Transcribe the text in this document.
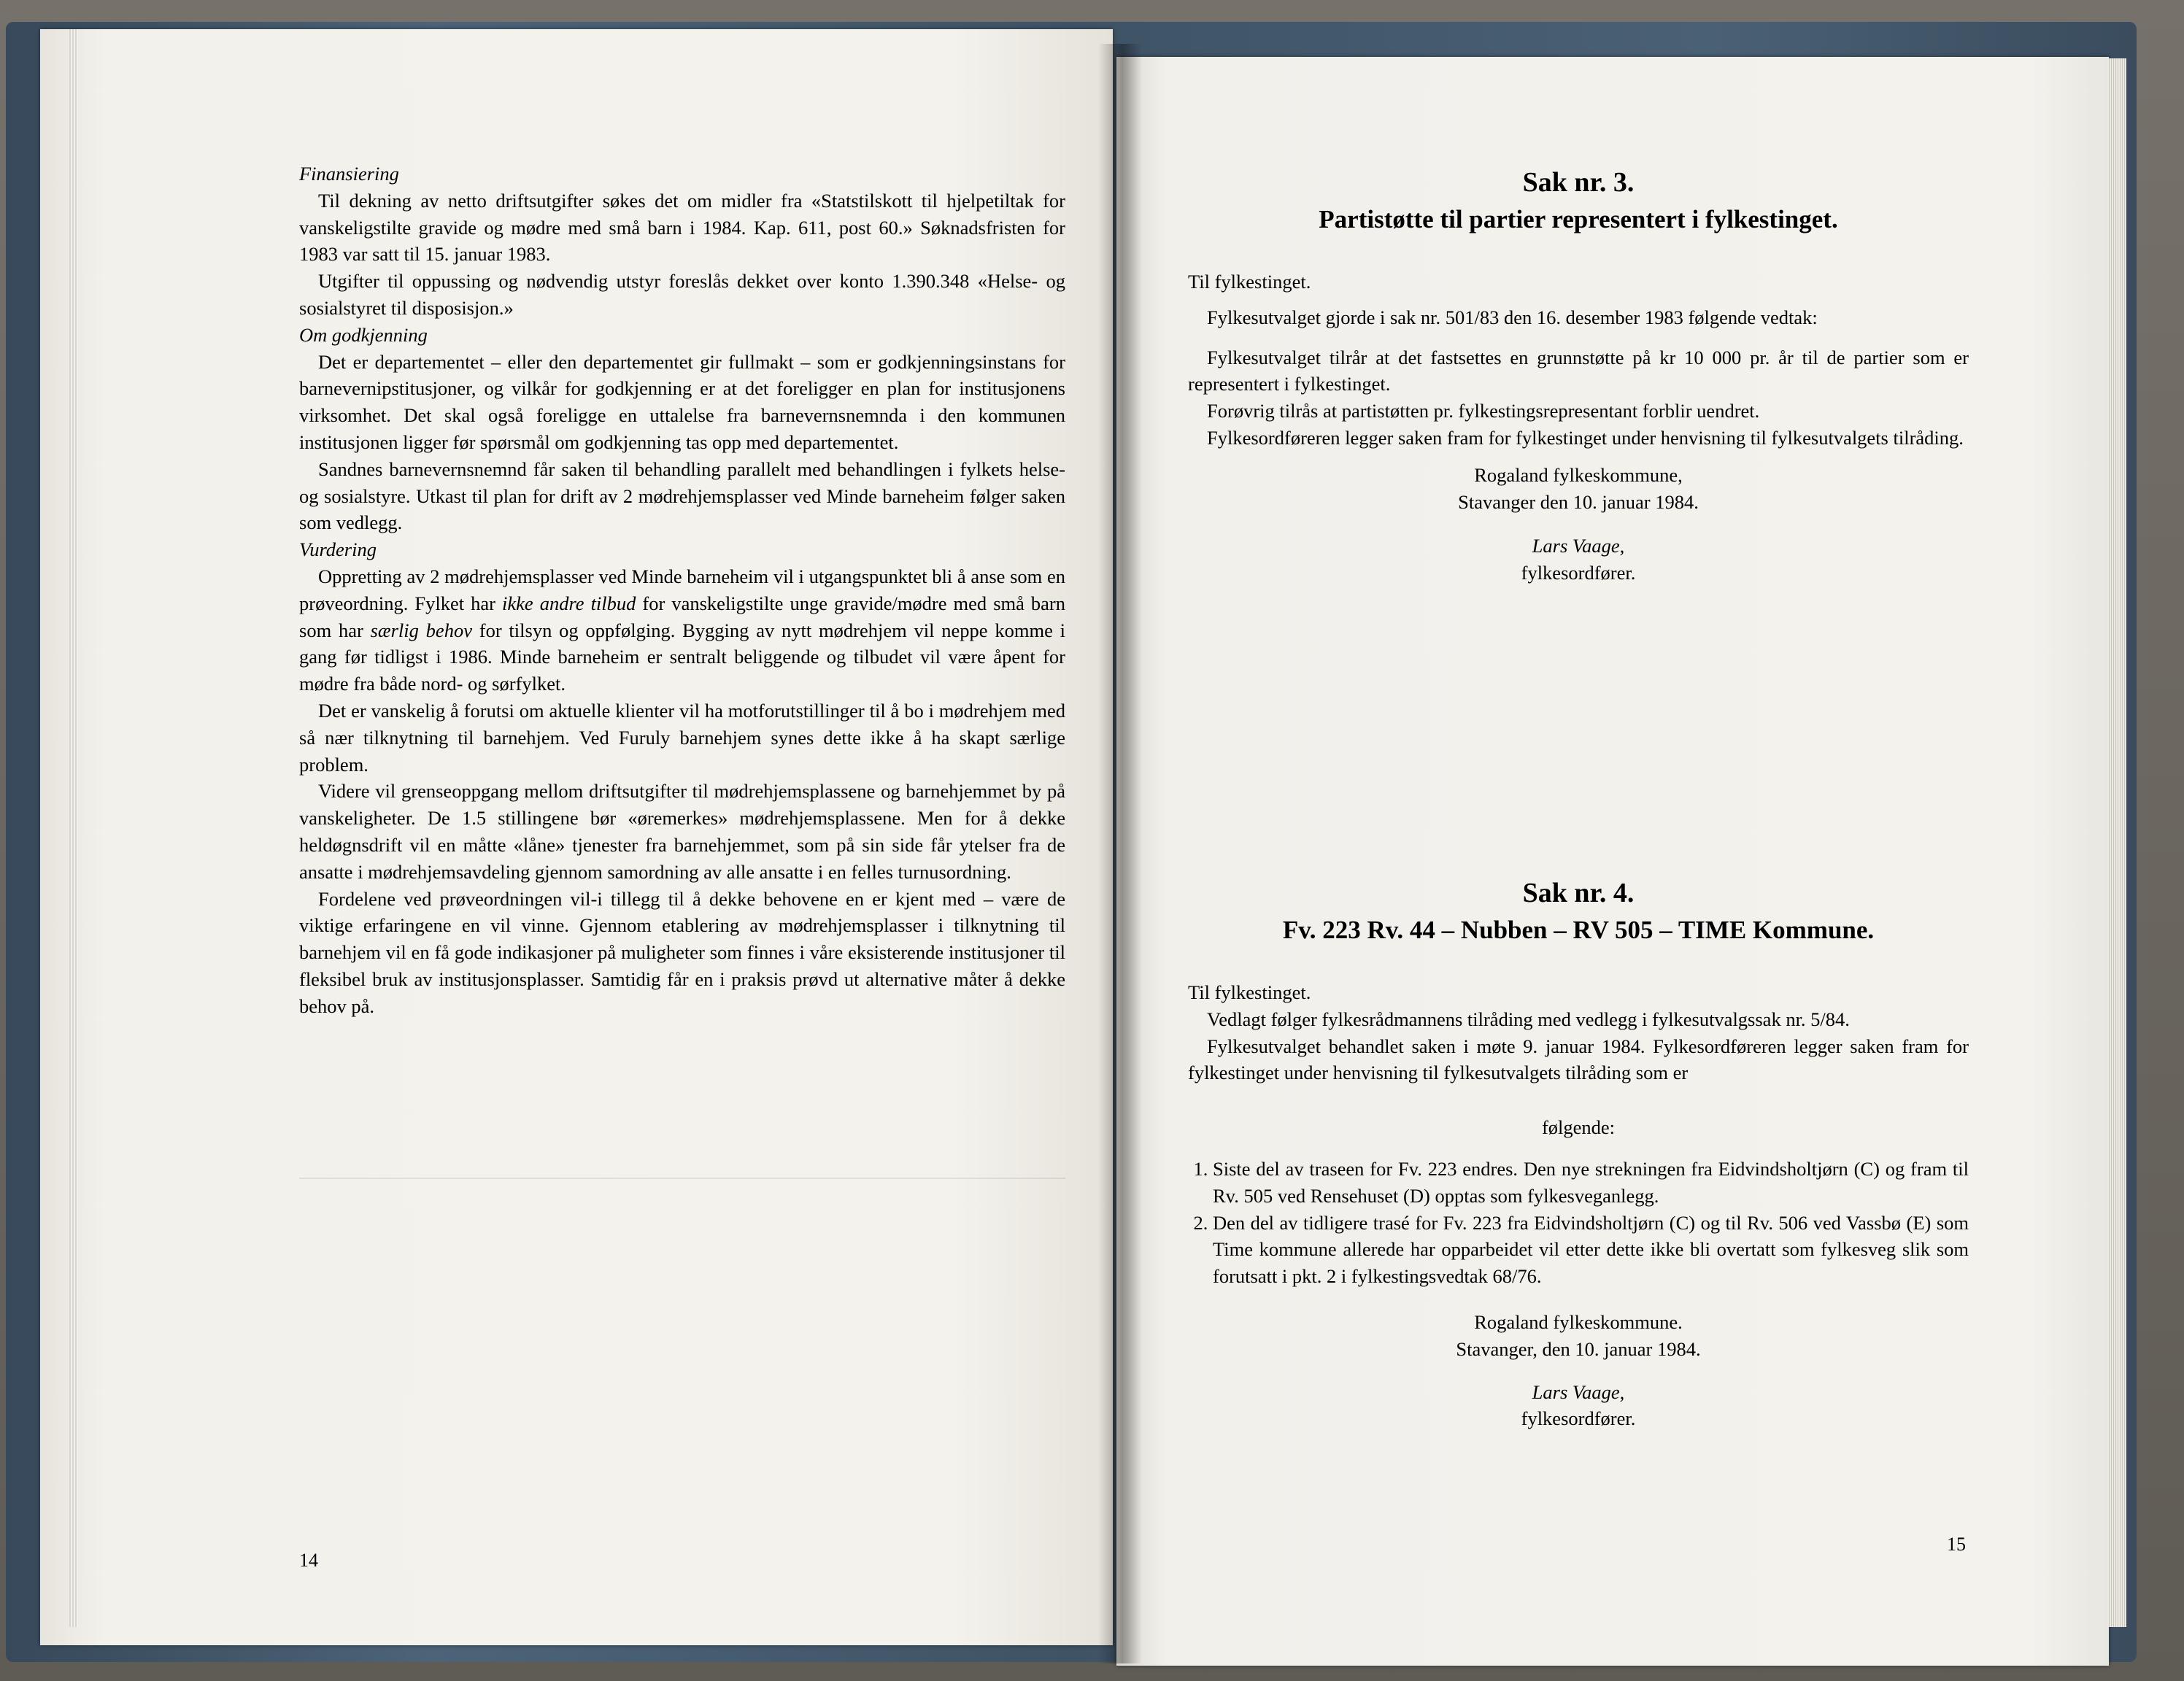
Finansiering

Til dekning av netto driftsutgifter søkes det om midler fra «Statstilskott til hjelpetiltak for vanskeligstilte gravide og mødre med små barn i 1984. Kap. 611, post 60.» Søknadsfristen for 1983 var satt til 15. januar 1983.

Utgifter til oppussing og nødvendig utstyr foreslås dekket over konto 1.390.348 «Helse- og sosialstyret til disposisjon.»

Om godkjenning

Det er departementet – eller den departementet gir fullmakt – som er godkjenningsinstans for barnevernipstitusjoner, og vilkår for godkjenning er at det foreligger en plan for institusjonens virksomhet. Det skal også foreligge en uttalelse fra barnevernsnemnda i den kommunen institusjonen ligger før spørsmål om godkjenning tas opp med departementet.

Sandnes barnevernsnemnd får saken til behandling parallelt med behandlingen i fylkets helse- og sosialstyre. Utkast til plan for drift av 2 mødrehjemsplasser ved Minde barneheim følger saken som vedlegg.

Vurdering

Oppretting av 2 mødrehjemsplasser ved Minde barneheim vil i utgangspunktet bli å anse som en prøveordning. Fylket har ikke andre tilbud for vanskeligstilte unge gravide/mødre med små barn som har særlig behov for tilsyn og oppfølging. Bygging av nytt mødrehjem vil neppe komme i gang før tidligst i 1986. Minde barneheim er sentralt beliggende og tilbudet vil være åpent for mødre fra både nord- og sørfylket.

Det er vanskelig å forutsi om aktuelle klienter vil ha motforutstillinger til å bo i mødrehjem med så nær tilknytning til barnehjem. Ved Furuly barnehjem synes dette ikke å ha skapt særlige problem.

Videre vil grenseoppgang mellom driftsutgifter til mødrehjemsplassene og barnehjemmet by på vanskeligheter. De 1.5 stillingene bør «øremerkes» mødrehjemsplassene. Men for å dekke heldøgnsdrift vil en måtte «låne» tjenester fra barnehjemmet, som på sin side får ytelser fra de ansatte i mødrehjemsavdeling gjennom samordning av alle ansatte i en felles turnusordning.

Fordelene ved prøveordningen vil-i tillegg til å dekke behovene en er kjent med – være de viktige erfaringene en vil vinne. Gjennom etablering av mødrehjemsplasser i tilknytning til barnehjem vil en få gode indikasjoner på muligheter som finnes i våre eksisterende institusjoner til fleksibel bruk av institusjonsplasser. Samtidig får en i praksis prøvd ut alternative måter å dekke behov på.

14

Sak nr. 3.

Partistøtte til partier representert i fylkestinget.

Til fylkestinget.

Fylkesutvalget gjorde i sak nr. 501/83 den 16. desember 1983 følgende vedtak:

Fylkesutvalget tilrår at det fastsettes en grunnstøtte på kr 10 000 pr. år til de partier som er representert i fylkestinget.

Forøvrig tilrås at partistøtten pr. fylkestingsrepresentant forblir uendret.

Fylkesordføreren legger saken fram for fylkestinget under henvisning til fylkesutvalgets tilråding.

Rogaland fylkeskommune,

Stavanger den 10. januar 1984.

Lars Vaage,

fylkesordfører.

Sak nr. 4.

Fv. 223 Rv. 44 – Nubben – RV 505 – TIME Kommune.

Til fylkestinget.

Vedlagt følger fylkesrådmannens tilråding med vedlegg i fylkesutvalgssak nr. 5/84.

Fylkesutvalget behandlet saken i møte 9. januar 1984. Fylkesordføreren legger saken fram for fylkestinget under henvisning til fylkesutvalgets tilråding som er

følgende:

1. Siste del av traseen for Fv. 223 endres. Den nye strekningen fra Eidvindsholtjørn (C) og fram til Rv. 505 ved Rensehuset (D) opptas som fylkesveganlegg.
2. Den del av tidligere trasé for Fv. 223 fra Eidvindsholtjørn (C) og til Rv. 506 ved Vassbø (E) som Time kommune allerede har opparbeidet vil etter dette ikke bli overtatt som fylkesveg slik som forutsatt i pkt. 2 i fylkestingsvedtak 68/76.

Rogaland fylkeskommune.

Stavanger, den 10. januar 1984.

Lars Vaage,

fylkesordfører.

15
